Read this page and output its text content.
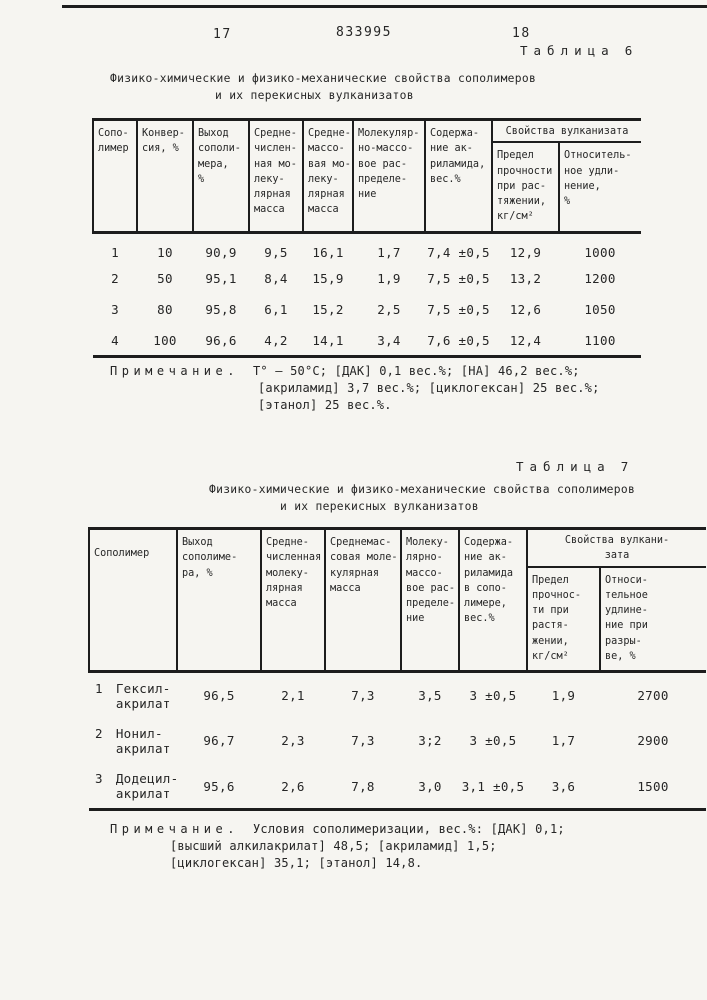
17	833995	18
Таблица 6
Физико-химические и физико-механические свойства сополимеров
и их перекисных вулканизатов
Сопо-
лимер	Конвер-
сия, %	Выход
сополи-
мера,
%	Средне-
числен-
ная мо-
леку-
лярная
масса	Средне-
массо-
вая мо-
леку-
лярная
масса	Молекуляр-
но-массо-
вое рас-
пределе-
ние	Содержа-
ние ак-
риламида,
вес.%	Свойства вулканизата
							Предел
прочности
при рас-
тяжении,
кг/см²	Относитель-
ное удли-
нение,
%
1	10	90,9	9,5	16,1	1,7	7,4 ±0,5	12,9	1000
2	50	95,1	8,4	15,9	1,9	7,5 ±0,5	13,2	1200
3	80	95,8	6,1	15,2	2,5	7,5 ±0,5	12,6	1050
4	100	96,6	4,2	14,1	3,4	7,6 ±0,5	12,4	1100
Примечание. Т° – 50°С; [ДАК] 0,1 вес.%; [НА] 46,2 вес.%;
[акриламид] 3,7 вес.%; [циклогексан] 25 вес.%;
[этанол] 25 вес.%.
Таблица 7
Физико-химические и физико-механические свойства сополимеров
и их перекисных вулканизатов
Сополимер	Выход
сополиме-
ра, %	Средне-
численная
молеку-
лярная
масса	Среднемас-
совая моле-
кулярная
масса	Молеку-
лярно-
массо-
вое рас-
пределе-
ние	Содержа-
ние ак-
риламида
в сопо-
лимере,
вес.%	Свойства вулкани-
зата
Предел
прочнос-
ти при
растя-
жении,
кг/см²	Относи-
тельное
удлине-
ние при
разры-
ве, %

1 Гексил-
акрилат	96,5	2,1	7,3	3,5	3 ±0,5	1,9	2700

2 Нонил-
акрилат	96,7	2,3	7,3	3;2	3 ±0,5	1,7	2900

3 Додецил-
акрилат	95,6	2,6	7,8	3,0	3,1 ±0,5	3,6	1500
Примечание. Условия сополимеризации, вес.%: [ДАК] 0,1;
[высший алкилакрилат] 48,5; [акриламид] 1,5;
[циклогексан] 35,1; [этанол] 14,8.
